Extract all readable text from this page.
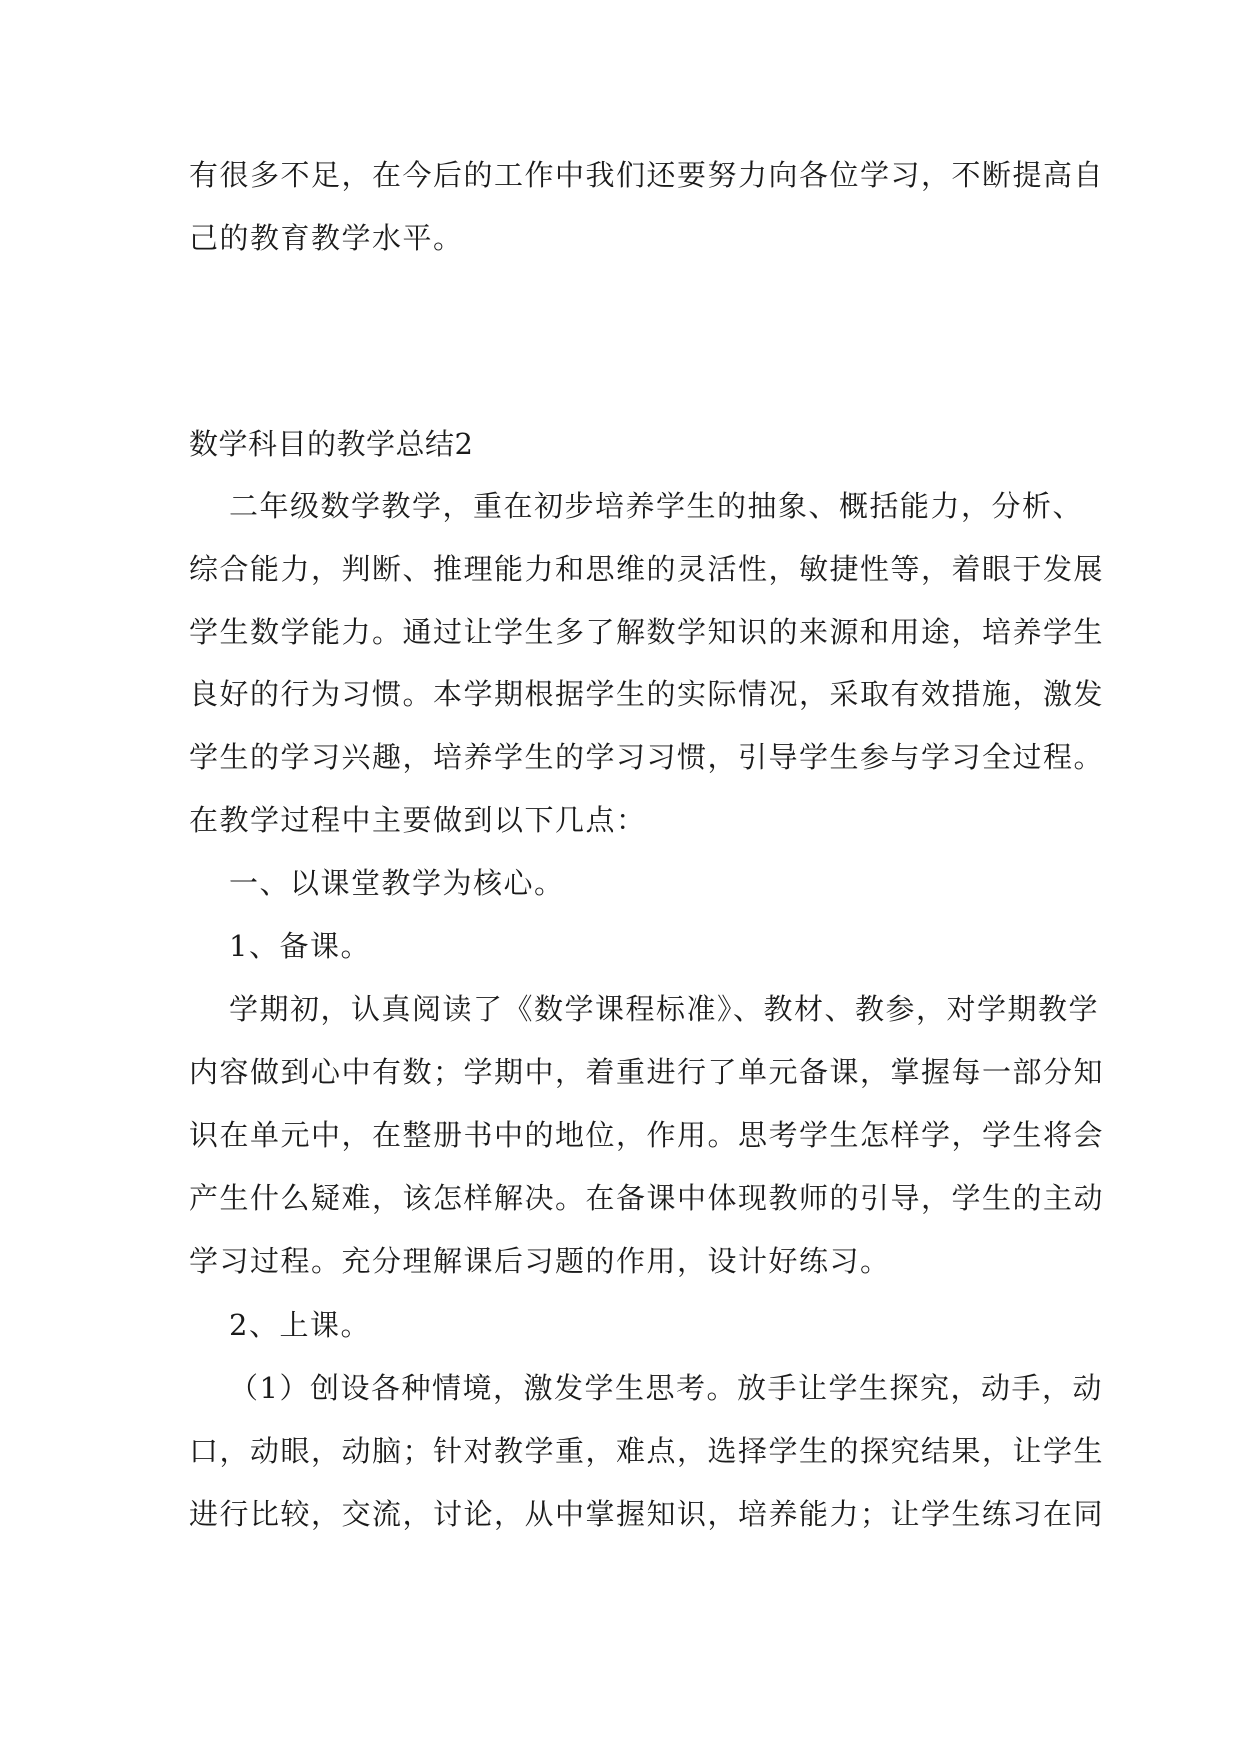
有很多不足，在今后的工作中我们还要努力向各位学习，不断提高自
己的教育教学水平。
数学科目的教学总结2
二年级数学教学，重在初步培养学生的抽象、概括能力，分析、
综合能力，判断、推理能力和思维的灵活性，敏捷性等，着眼于发展
学生数学能力。通过让学生多了解数学知识的来源和用途，培养学生
良好的行为习惯。本学期根据学生的实际情况，采取有效措施，激发
学生的学习兴趣，培养学生的学习习惯，引导学生参与学习全过程。
在教学过程中主要做到以下几点：
一、以课堂教学为核心。
1、备课。
学期初，认真阅读了《数学课程标准》、教材、教参，对学期教学
内容做到心中有数；学期中，着重进行了单元备课，掌握每一部分知
识在单元中，在整册书中的地位，作用。思考学生怎样学，学生将会
产生什么疑难，该怎样解决。在备课中体现教师的引导，学生的主动
学习过程。充分理解课后习题的作用，设计好练习。
2、上课。
（1）创设各种情境，激发学生思考。放手让学生探究，动手，动
口，动眼，动脑；针对教学重，难点，选择学生的探究结果，让学生
进行比较，交流，讨论，从中掌握知识，培养能力；让学生练习在同
